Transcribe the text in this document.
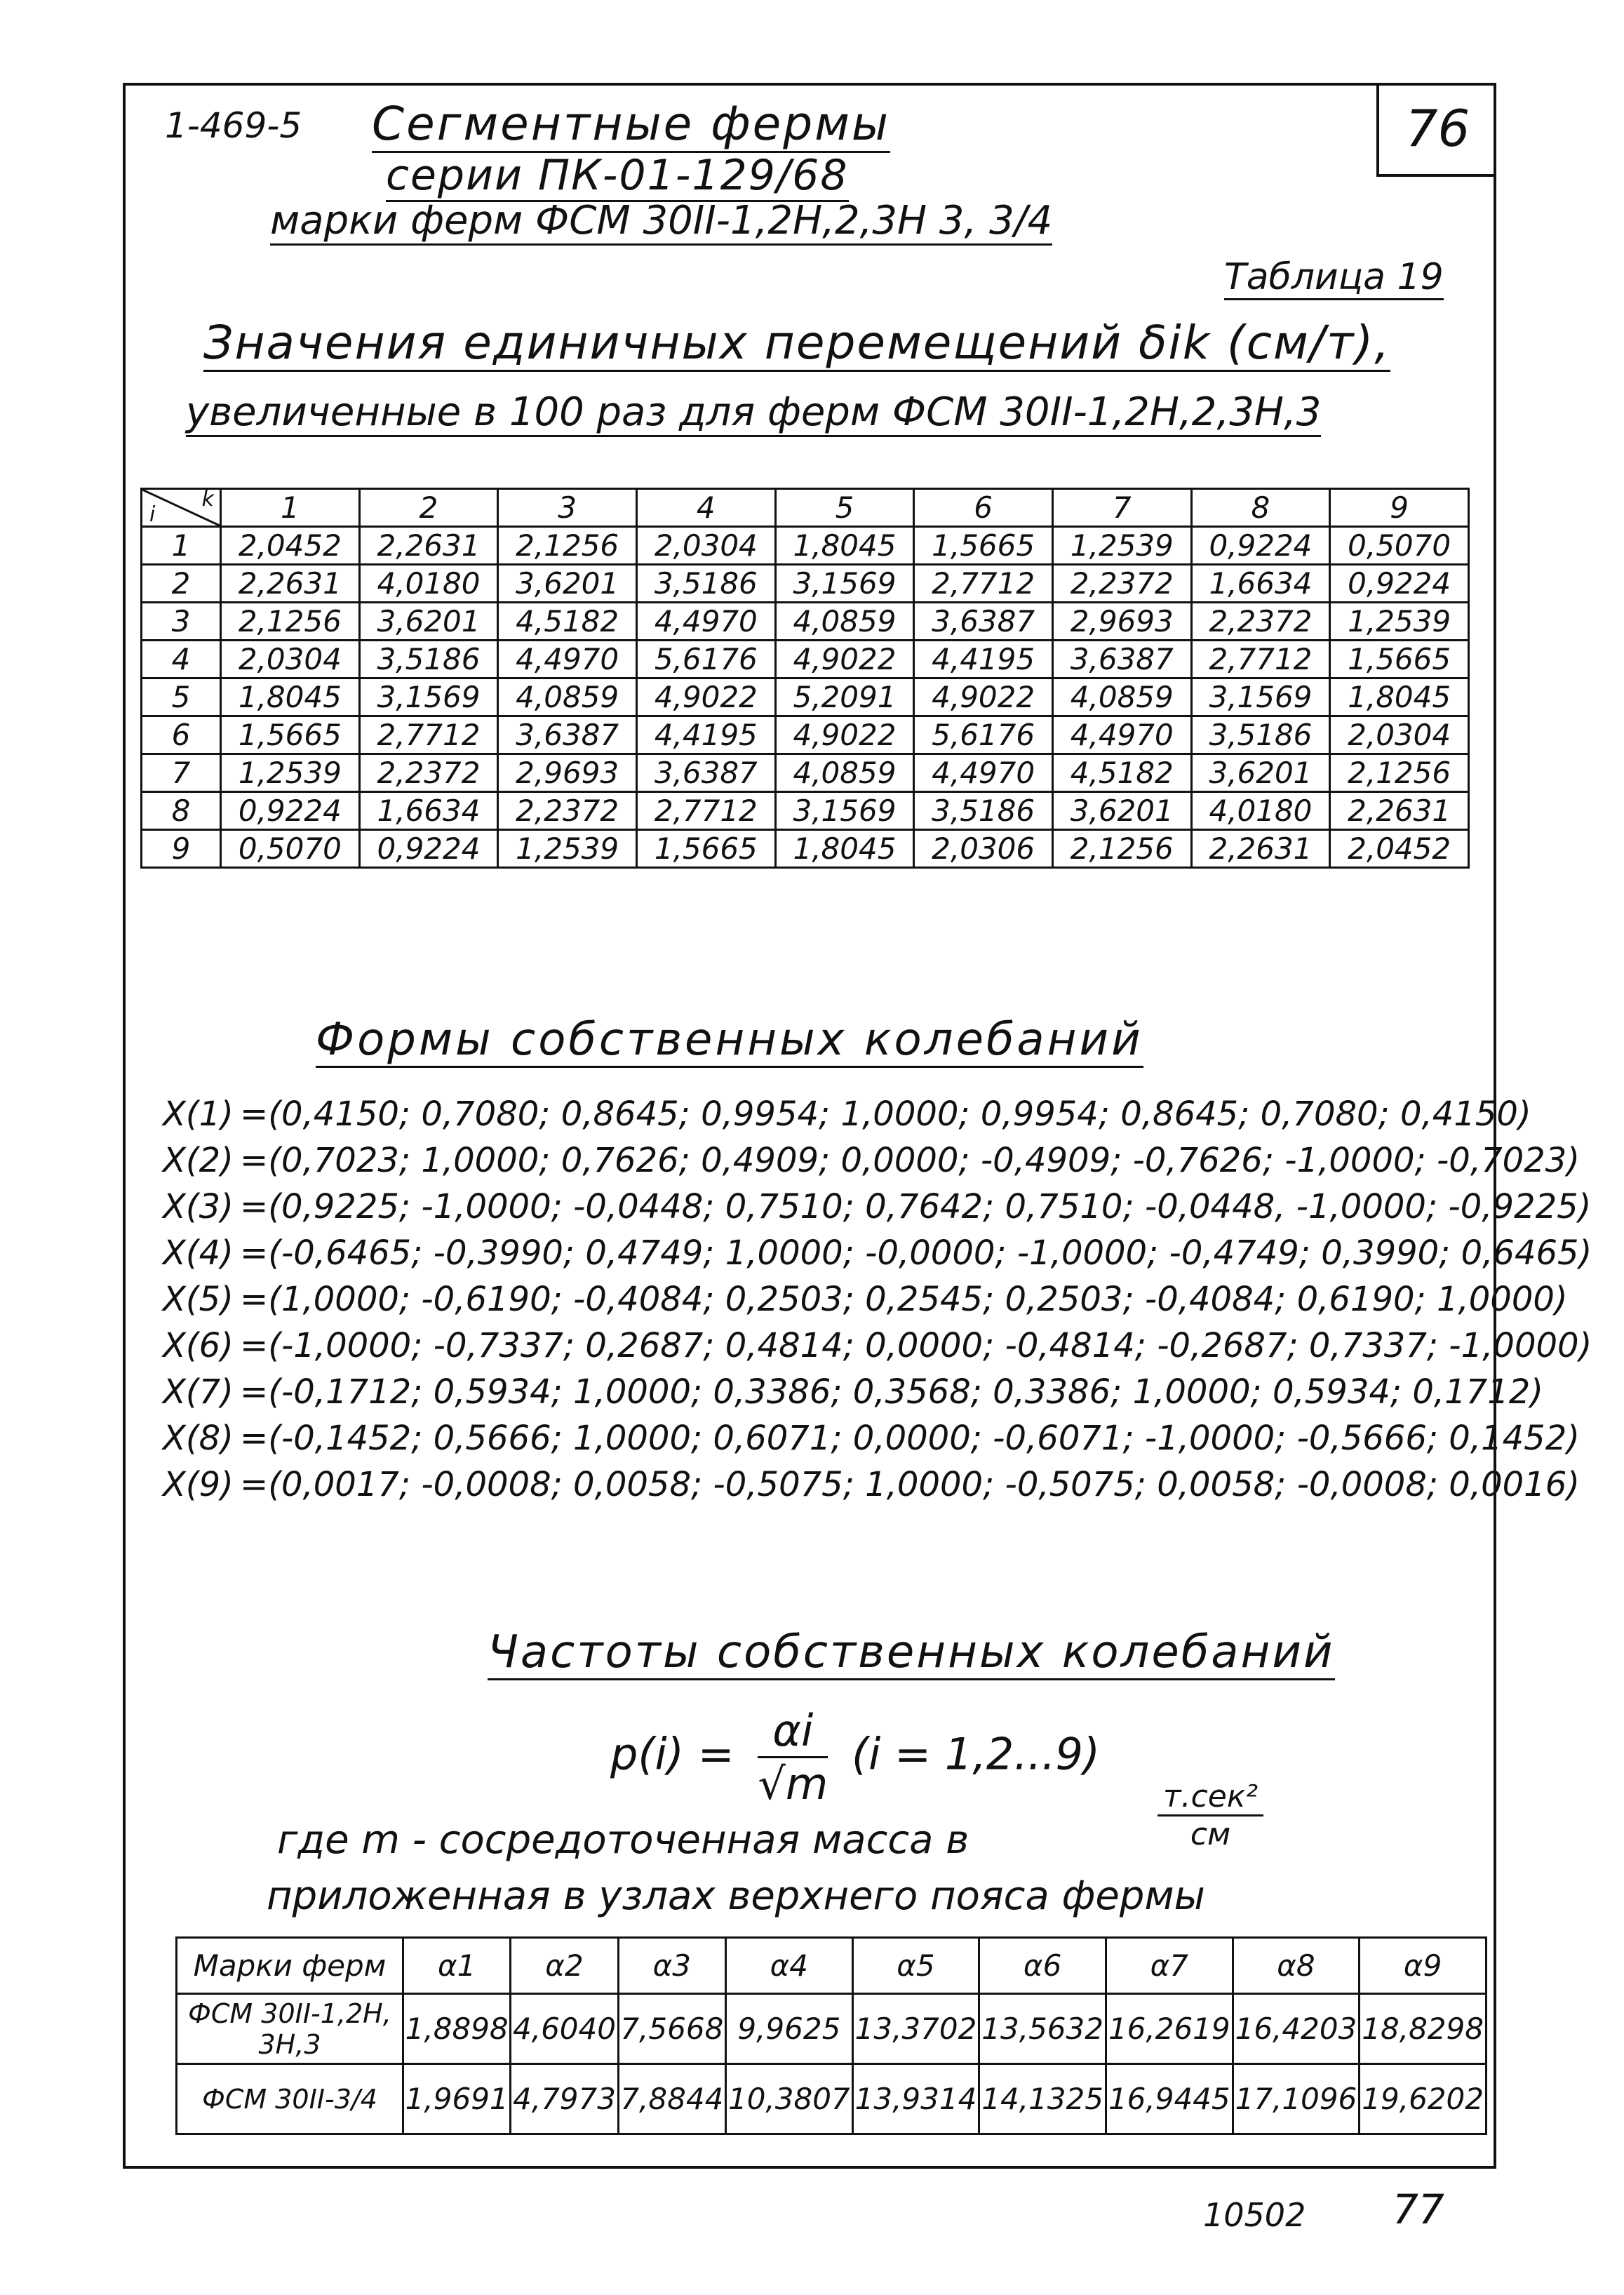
76
1-469-5 Сегментные фермы
серии ПК-01-129/68
марки ферм ФСМ 30II-1,2Н,2,3Н 3, 3/4
Таблица 19
Значения единичных перемещений δik (см/т),
увеличенные в 100 раз для ферм ФСМ 30II-1,2Н,2,3Н,3
k
i	1	2	3	4	5	6	7	8	9
1	2,0452	2,2631	2,1256	2,0304	1,8045	1,5665	1,2539	0,9224	0,5070
2	2,2631	4,0180	3,6201	3,5186	3,1569	2,7712	2,2372	1,6634	0,9224
3	2,1256	3,6201	4,5182	4,4970	4,0859	3,6387	2,9693	2,2372	1,2539
4	2,0304	3,5186	4,4970	5,6176	4,9022	4,4195	3,6387	2,7712	1,5665
5	1,8045	3,1569	4,0859	4,9022	5,2091	4,9022	4,0859	3,1569	1,8045
6	1,5665	2,7712	3,6387	4,4195	4,9022	5,6176	4,4970	3,5186	2,0304
7	1,2539	2,2372	2,9693	3,6387	4,0859	4,4970	4,5182	3,6201	2,1256
8	0,9224	1,6634	2,2372	2,7712	3,1569	3,5186	3,6201	4,0180	2,2631
9	0,5070	0,9224	1,2539	1,5665	1,8045	2,0306	2,1256	2,2631	2,0452
Формы собственных колебаний
X(1) =(0,4150; 0,7080; 0,8645; 0,9954; 1,0000; 0,9954; 0,8645; 0,7080; 0,4150)
X(2) =(0,7023; 1,0000; 0,7626; 0,4909; 0,0000; -0,4909; -0,7626; -1,0000; -0,7023)
X(3) =(0,9225; -1,0000; -0,0448; 0,7510; 0,7642; 0,7510; -0,0448, -1,0000; -0,9225)
X(4) =(-0,6465; -0,3990; 0,4749; 1,0000; -0,0000; -1,0000; -0,4749; 0,3990; 0,6465)
X(5) =(1,0000; -0,6190; -0,4084; 0,2503; 0,2545; 0,2503; -0,4084; 0,6190; 1,0000)
X(6) =(-1,0000; -0,7337; 0,2687; 0,4814; 0,0000; -0,4814; -0,2687; 0,7337; -1,0000)
X(7) =(-0,1712; 0,5934; 1,0000; 0,3386; 0,3568; 0,3386; 1,0000; 0,5934; 0,1712)
X(8) =(-0,1452; 0,5666; 1,0000; 0,6071; 0,0000; -0,6071; -1,0000; -0,5666; 0,1452)
X(9) =(0,0017; -0,0008; 0,0058; -0,5075; 1,0000; -0,5075; 0,0058; -0,0008; 0,0016)
Частоты собственных колебаний
$p(i) = \frac{\alpha i}{√m} (i = 1,2...9)$
где m - сосредоточенная масса в
т.сек²
см
приложенная в узлах верхнего пояса фермы
Марки ферм	α1	α2	α3	α4	α5	α6	α7	α8	α9
ФСМ 30II-1,2Н, 3Н,3	1,8898	4,6040	7,5668	9,9625	13,3702	13,5632	16,2619	16,4203	18,8298
ФСМ 30II-3/4	1,9691	4,7973	7,8844	10,3807	13,9314	14,1325	16,9445	17,1096	19,6202
10502 77
